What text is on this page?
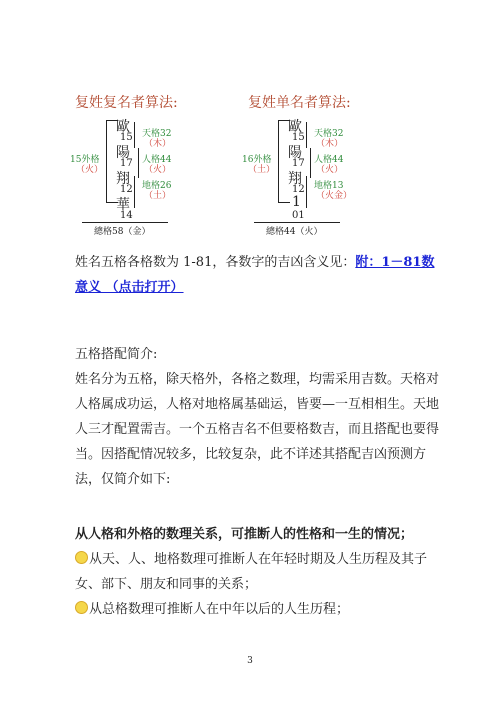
复姓复名者算法:	复姓单名者算法:
歐
15
陽
17
翔
12
華
14
15外格
（火）
天格32
（木）
人格44
（火）
地格26
（土）
總格58（金）
歐
15
陽
17
翔
12
1
01
16外格
（土）
天格32
（木）
人格44
（火）
地格13
（火金）
總格44（火）
姓名五格各格数为 1-81，各数字的吉凶含义见：附：1－81数意义 （点击打开）
五格搭配简介:
姓名分为五格，除天格外，各格之数理，均需采用吉数。天格对人格属成功运，人格对地格属基础运，皆要—一互相相生。天地人三才配置需吉。一个五格吉名不但要格数吉，而且搭配也要得当。因搭配情况较多，比较复杂，此不详述其搭配吉凶预测方法，仅简介如下:
从人格和外格的数理关系，可推断人的性格和一生的情况；
从天、人、地格数理可推断人在年轻时期及人生历程及其子女、部下、朋友和同事的关系；
从总格数理可推断人在中年以后的人生历程；
3
